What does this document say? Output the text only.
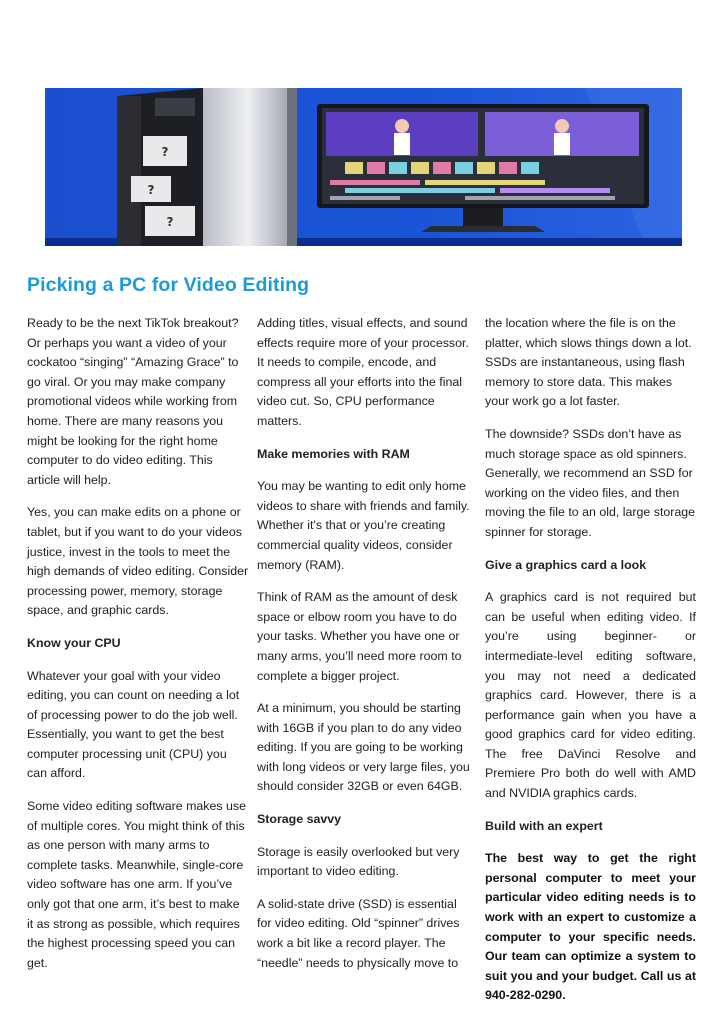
?
?
?
Picking a PC for Video Editing

Ready to be the next TikTok breakout? Or perhaps you want a video of your cockatoo “singing” “Amazing Grace” to go viral. Or you may make company promotional videos while working from home. There are many reasons you might be looking for the right home computer to do video editing. This article will help.

Yes, you can make edits on a phone or tablet, but if you want to do your videos justice, invest in the tools to meet the high demands of video editing. Consider processing power, memory, storage space, and graphic cards.

Know your CPU

Whatever your goal with your video editing, you can count on needing a lot of processing power to do the job well. Essentially, you want to get the best computer processing unit (CPU) you can afford.

Some video editing software makes use of multiple cores. You might think of this as one person with many arms to complete tasks. Meanwhile, single-core video software has one arm. If you’ve only got that one arm, it’s best to make it as strong as possible, which requires the highest processing speed you can get.

Adding titles, visual effects, and sound effects require more of your processor. It needs to compile, encode, and compress all your efforts into the final video cut. So, CPU performance matters.

Make memories with RAM

You may be wanting to edit only home videos to share with friends and family. Whether it's that or you’re creating commercial quality videos, consider memory (RAM).

Think of RAM as the amount of desk space or elbow room you have to do your tasks. Whether you have one or many arms, you’ll need more room to complete a bigger project.

At a minimum, you should be starting with 16GB if you plan to do any video editing. If you are going to be working with long videos or very large files, you should consider 32GB or even 64GB.

Storage savvy

Storage is easily overlooked but very important to video editing.

A solid-state drive (SSD) is essential for video editing. Old “spinner” drives work a bit like a record player. The “needle” needs to physically move to

the location where the file is on the platter, which slows things down a lot. SSDs are instantaneous, using flash memory to store data. This makes your work go a lot faster.

The downside? SSDs don’t have as much storage space as old spinners. Generally, we recommend an SSD for working on the video files, and then moving the file to an old, large storage spinner for storage.

Give a graphics card a look

A graphics card is not required but can be useful when editing video. If you’re using beginner- or intermediate-level editing software, you may not need a dedicated graphics card. However, there is a performance gain when you have a good graphics card for video editing. The free DaVinci Resolve and Premiere Pro both do well with AMD and NVIDIA graphics cards.

Build with an expert

The best way to get the right personal computer to meet your particular video editing needs is to work with an expert to customize a computer to your specific needs. Our team can optimize a system to suit you and your budget. Call us at 940-282-0290.
